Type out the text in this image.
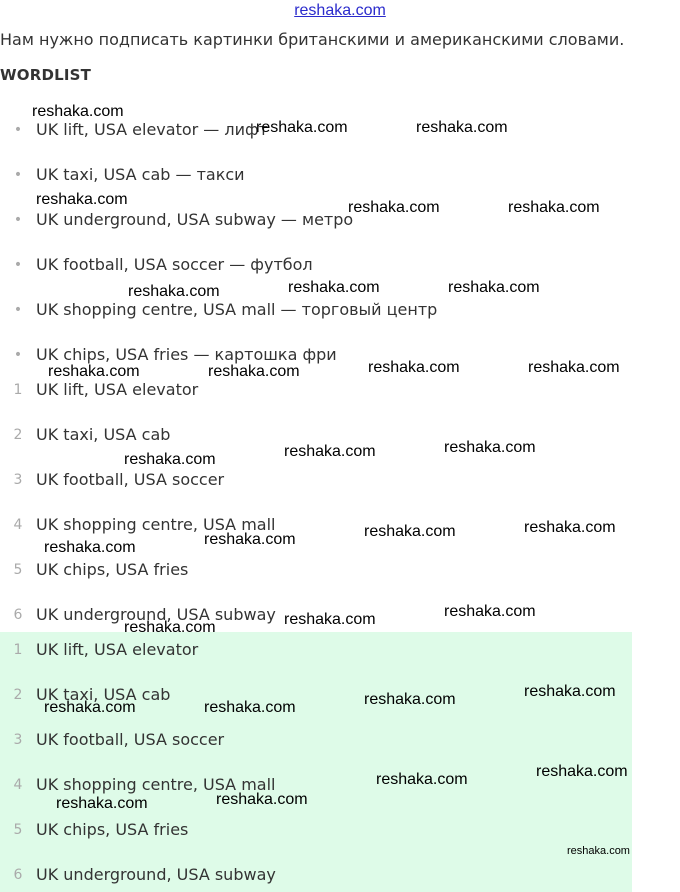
reshaka.com
Нам нужно подписать картинки британскими и американскими словами.
WORDLIST
• UK lift, USA elevator — лифт
• UK taxi, USA cab — такси
• UK underground, USA subway — метро
• UK football, USA soccer — футбол
• UK shopping centre, USA mall — торговый центр
• UK chips, USA fries — картошка фри
1 UK lift, USA elevator
2 UK taxi, USA cab
3 UK football, USA soccer
4 UK shopping centre, USA mall
5 UK chips, USA fries
6 UK underground, USA subway
1 UK lift, USA elevator
2 UK taxi, USA cab
3 UK football, USA soccer
4 UK shopping centre, USA mall
5 UK chips, USA fries
6 UK underground, USA subway
reshaka.com
reshaka.com	reshaka.com
reshaka.com	reshaka.com	reshaka.com
reshaka.com	reshaka.com	reshaka.com
reshaka.com	reshaka.com	reshaka.com	reshaka.com
reshaka.com	reshaka.com	reshaka.com
reshaka.com	reshaka.com	reshaka.com	reshaka.com
reshaka.com	reshaka.com	reshaka.com
reshaka.com	reshaka.com	reshaka.com	reshaka.com
reshaka.com	reshaka.com
reshaka.com	reshaka.com
reshaka.com
